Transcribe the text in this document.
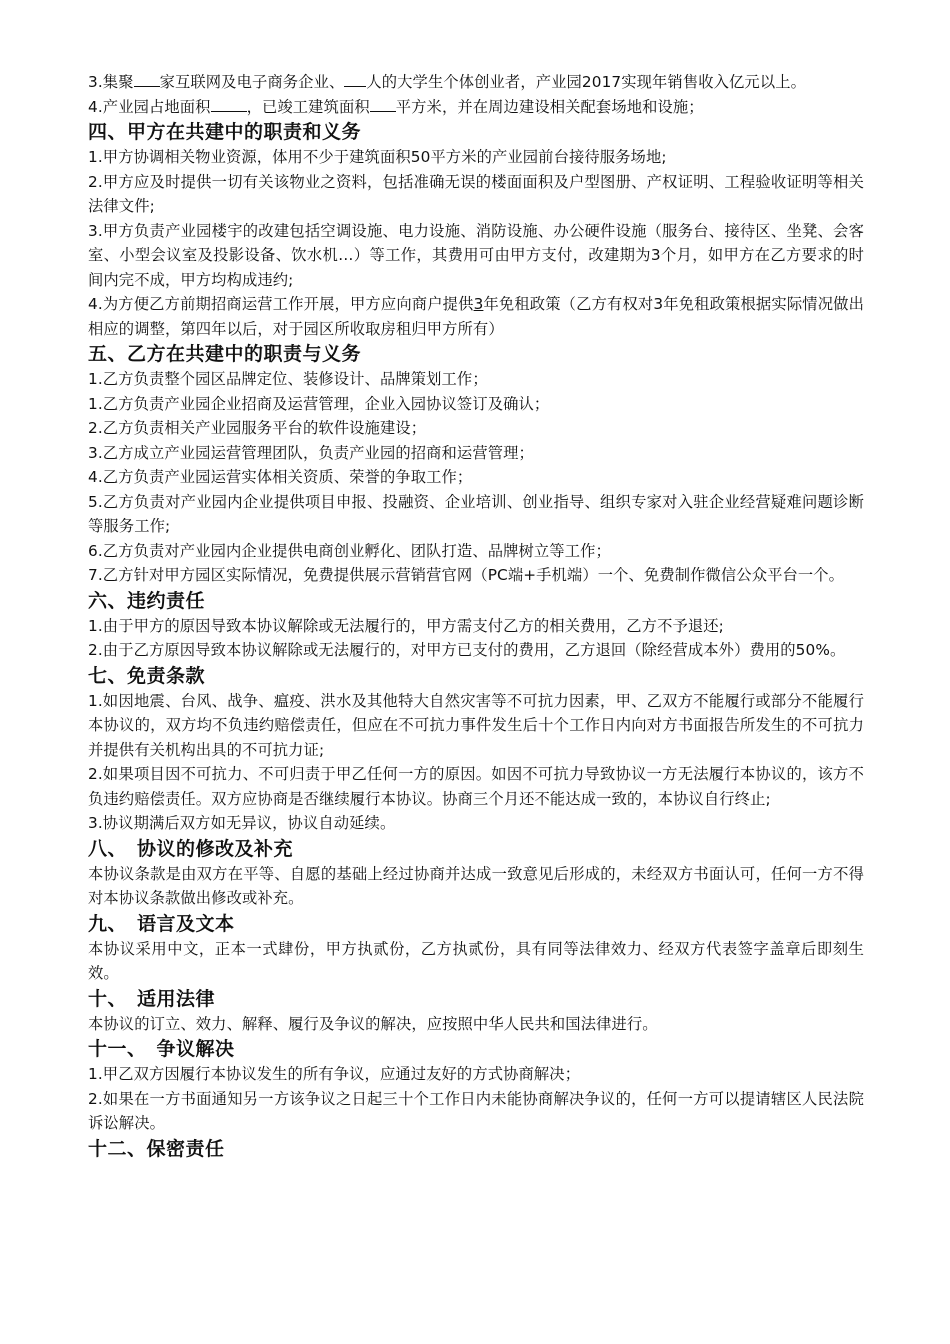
3.集聚 家互联网及电子商务企业、 人的大学生个体创业者，产业园2017实现年销售收入亿元以上。

4.产业园占地面积 ，已竣工建筑面积 平方米，并在周边建设相关配套场地和设施；

四、甲方在共建中的职责和义务

1.甲方协调相关物业资源，体用不少于建筑面积50平方米的产业园前台接待服务场地;

2.甲方应及时提供一切有关该物业之资料，包括准确无误的楼面面积及户型图册、产权证明、工程验收证明等相关法律文件;

3.甲方负责产业园楼宇的改建包括空调设施、电力设施、消防设施、办公硬件设施（服务台、接待区、坐凳、会客室、小型会议室及投影设备、饮水机…）等工作，其费用可由甲方支付，改建期为3个月，如甲方在乙方要求的时间内完不成，甲方均构成违约;

4.为方便乙方前期招商运营工作开展，甲方应向商户提供3年免租政策（乙方有权对3年免租政策根据实际情况做出相应的调整，第四年以后，对于园区所收取房租归甲方所有）

五、乙方在共建中的职责与义务

1.乙方负责整个园区品牌定位、装修设计、品牌策划工作；

1.乙方负责产业园企业招商及运营管理，企业入园协议签订及确认；

2.乙方负责相关产业园服务平台的软件设施建设；

3.乙方成立产业园运营管理团队，负责产业园的招商和运营管理；

4.乙方负责产业园运营实体相关资质、荣誉的争取工作；

5.乙方负责对产业园内企业提供项目申报、投融资、企业培训、创业指导、组织专家对入驻企业经营疑难问题诊断等服务工作;

6.乙方负责对产业园内企业提供电商创业孵化、团队打造、品牌树立等工作；

7.乙方针对甲方园区实际情况，免费提供展示营销营官网（PC端+手机端）一个、免费制作微信公众平台一个。

六、违约责任

1.由于甲方的原因导致本协议解除或无法履行的，甲方需支付乙方的相关费用，乙方不予退还;

2.由于乙方原因导致本协议解除或无法履行的，对甲方已支付的费用，乙方退回（除经营成本外）费用的50%。

七、免责条款

1.如因地震、台风、战争、瘟疫、洪水及其他特大自然灾害等不可抗力因素，甲、乙双方不能履行或部分不能履行本协议的，双方均不负违约赔偿责任，但应在不可抗力事件发生后十个工作日内向对方书面报告所发生的不可抗力并提供有关机构出具的不可抗力证;

2.如果项目因不可抗力、不可归责于甲乙任何一方的原因。如因不可抗力导致协议一方无法履行本协议的，该方不负违约赔偿责任。双方应协商是否继续履行本协议。协商三个月还不能达成一致的，本协议自行终止;

3.协议期满后双方如无异议，协议自动延续。

八、　协议的修改及补充

本协议条款是由双方在平等、自愿的基础上经过协商并达成一致意见后形成的，未经双方书面认可，任何一方不得对本协议条款做出修改或补充。

九、　语言及文本

本协议采用中文，正本一式肆份，甲方执贰份，乙方执贰份，具有同等法律效力、经双方代表签字盖章后即刻生效。

十、　适用法律

本协议的订立、效力、解释、履行及争议的解决，应按照中华人民共和国法律进行。

十一、　争议解决

1.甲乙双方因履行本协议发生的所有争议，应通过友好的方式协商解决；

2.如果在一方书面通知另一方该争议之日起三十个工作日内未能协商解决争议的，任何一方可以提请辖区人民法院诉讼解决。

十二、保密责任
